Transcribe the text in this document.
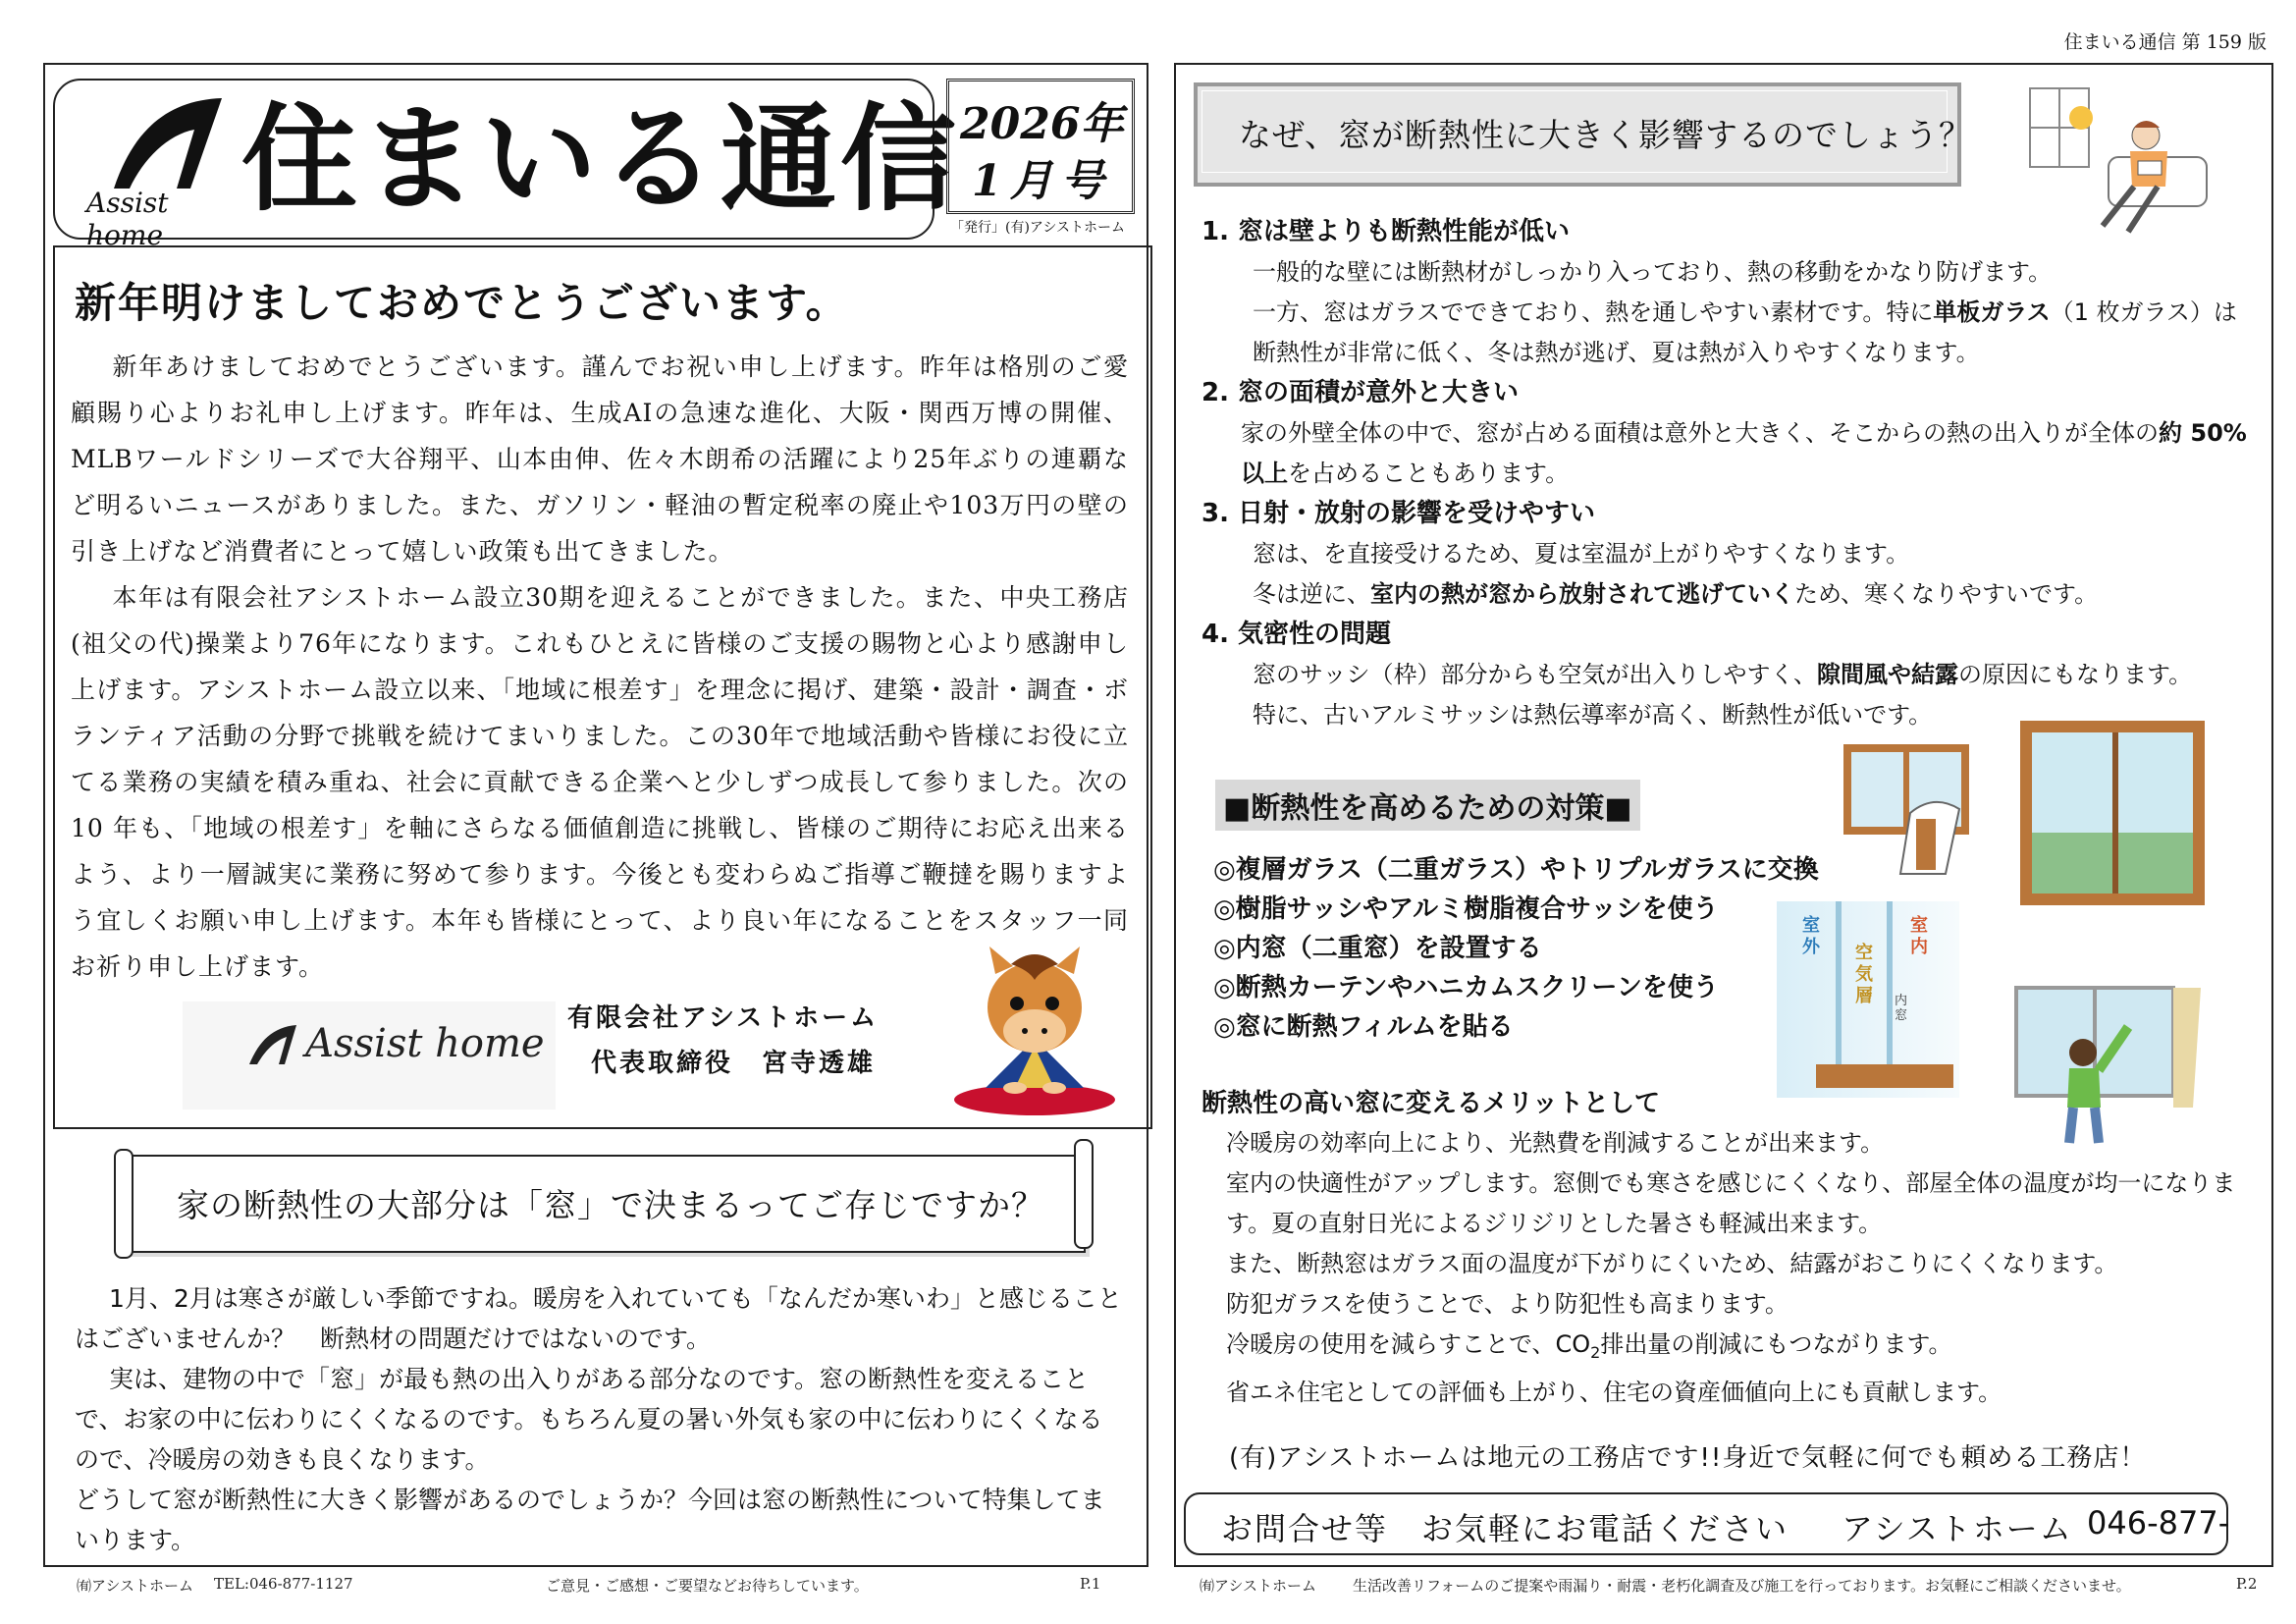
住まいる通信 第 159 版
Assist home
住まいる通信 2026年
1月号
「発行」(有)アシストホーム
新年明けましておめでとうございます。

新年あけましておめでとうございます。謹んでお祝い申し上げます。昨年は格別のご愛顧賜り心よりお礼申し上げます。昨年は、生成AIの急速な進化、大阪・関西万博の開催、MLBワールドシリーズで大谷翔平、山本由伸、佐々木朗希の活躍により25年ぶりの連覇など明るいニュースがありました。また、ガソリン・軽油の暫定税率の廃止や103万円の壁の引き上げなど消費者にとって嬉しい政策も出てきました。

本年は有限会社アシストホーム設立30期を迎えることができました。また、中央工務店(祖父の代)操業より76年になります。これもひとえに皆様のご支援の賜物と心より感謝申し上げます。アシストホーム設立以来、「地域に根差す」を理念に掲げ、建築・設計・調査・ボランティア活動の分野で挑戦を続けてまいりました。この30年で地域活動や皆様にお役に立てる業務の実績を積み重ね、社会に貢献できる企業へと少しずつ成長して参りました。次の 10 年も、「地域の根差す」を軸にさらなる価値創造に挑戦し、皆様のご期待にお応え出来るよう、より一層誠実に業務に努めて参ります。今後とも変わらぬご指導ご鞭撻を賜りますよう宜しくお願い申し上げます。本年も皆様にとって、より良い年になることをスタッフ一同お祈り申し上げます。

Assist home
有限会社アシストホーム
代表取締役　宮寺透雄
家の断熱性の大部分は「窓」で決まるってご存じですか？

1月、2月は寒さが厳しい季節ですね。暖房を入れていても「なんだか寒いわ」と感じることはございませんか？　断熱材の問題だけではないのです。

実は、建物の中で「窓」が最も熱の出入りがある部分なのです。窓の断熱性を変えることで、お家の中に伝わりにくくなるのです。もちろん夏の暑い外気も家の中に伝わりにくくなるので、冷暖房の効きも良くなります。

どうして窓が断熱性に大きく影響があるのでしょうか？今回は窓の断熱性について特集してまいります。

㈲アシストホーム TEL:046-877-1127	ご意見・ご感想・ご要望などお待ちしています。	P.1
なぜ、窓が断熱性に大きく影響するのでしょう？

1. 窓は壁よりも断熱性能が低い

一般的な壁には断熱材がしっかり入っており、熱の移動をかなり防げます。

一方、窓はガラスでできており、熱を通しやすい素材です。特に単板ガラス（1 枚ガラス）は断熱性が非常に低く、冬は熱が逃げ、夏は熱が入りやすくなります。

2. 窓の面積が意外と大きい

家の外壁全体の中で、窓が占める面積は意外と大きく、そこからの熱の出入りが全体の約 50%以上を占めることもあります。

3. 日射・放射の影響を受けやすい

窓は、を直接受けるため、夏は室温が上がりやすくなります。

冬は逆に、室内の熱が窓から放射されて逃げていくため、寒くなりやすいです。

4. 気密性の問題

窓のサッシ（枠）部分からも空気が出入りしやすく、隙間風や結露の原因にもなります。

特に、古いアルミサッシは熱伝導率が高く、断熱性が低いです。

■断熱性を高めるための対策■

◎複層ガラス（二重ガラス）やトリプルガラスに交換

◎樹脂サッシやアルミ樹脂複合サッシを使う

◎内窓（二重窓）を設置する

◎断熱カーテンやハニカムスクリーンを使う

◎窓に断熱フィルムを貼る

室外 空気層
室内
内窓
断熱性の高い窓に変えるメリットとして

冷暖房の効率向上により、光熱費を削減することが出来ます。

室内の快適性がアップします。窓側でも寒さを感じにくくなり、部屋全体の温度が均一になります。夏の直射日光によるジリジリとした暑さも軽減出来ます。

また、断熱窓はガラス面の温度が下がりにくいため、結露がおこりにくくなります。

防犯ガラスを使うことで、より防犯性も高まります。

冷暖房の使用を減らすことで、$CO_2$排出量の削減にもつながります。

省エネ住宅としての評価も上がり、住宅の資産価値向上にも貢献します。

(有)アシストホームは地元の工務店です!!身近で気軽に何でも頼める工務店！
お問合せ等　お気軽にお電話ください アシストホーム 046-877-
㈲アシストホーム 生活改善リフォームのご提案や雨漏り・耐震・老朽化調査及び施工を行っております。お気軽にご相談くださいませ。	P.2
